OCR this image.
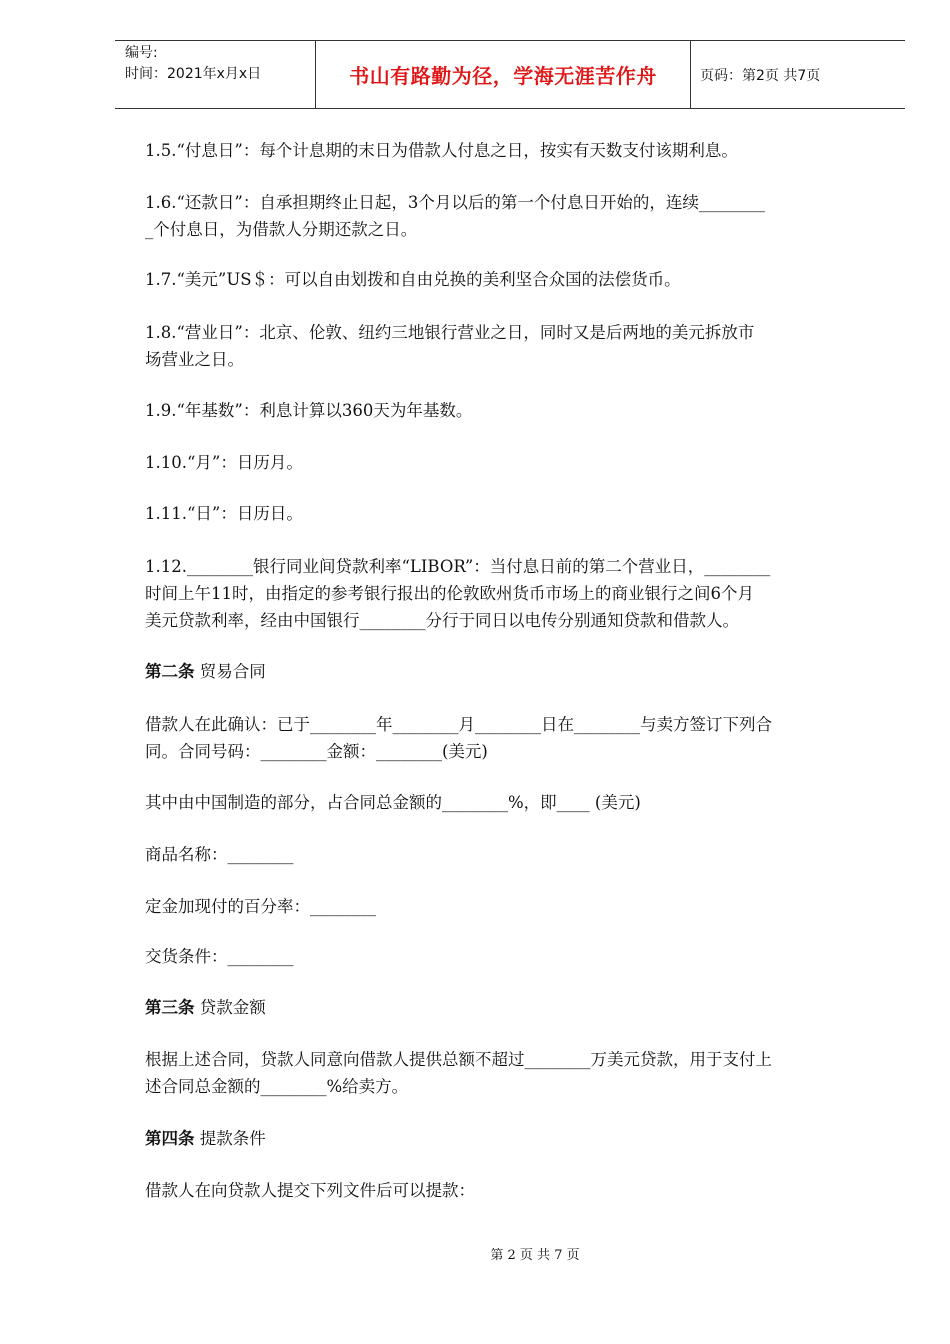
编号:
时间：2021年x月x日	书山有路勤为径，学海无涯苦作舟	页码：第2页 共7页
1.5.“付息日”：每个计息期的末日为借款人付息之日，按实有天数支付该期利息。
1.6.“还款日”：自承担期终止日起，3个月以后的第一个付息日开始的，连续________
_个付息日，为借款人分期还款之日。
1.7.“美元”US＄：可以自由划拨和自由兑换的美利坚合众国的法偿货币。
1.8.“营业日”：北京、伦敦、纽约三地银行营业之日，同时又是后两地的美元拆放市
场营业之日。
1.9.“年基数”：利息计算以360天为年基数。
1.10.“月”：日历月。
1.11.“日”：日历日。
1.12.________银行同业间贷款利率“LIBOR”：当付息日前的第二个营业日，________
时间上午11时，由指定的参考银行报出的伦敦欧州货币市场上的商业银行之间6个月
美元贷款利率，经由中国银行________分行于同日以电传分别通知贷款和借款人。
第二条 贸易合同
借款人在此确认：已于________年________月________日在________与卖方签订下列合
同。合同号码：________金额：________(美元)
其中由中国制造的部分，占合同总金额的________%，即____ (美元)
商品名称：________
定金加现付的百分率：________
交货条件：________
第三条 贷款金额
根据上述合同，贷款人同意向借款人提供总额不超过________万美元贷款，用于支付上
述合同总金额的________%给卖方。
第四条 提款条件
借款人在向贷款人提交下列文件后可以提款：
第 2 页 共 7 页
